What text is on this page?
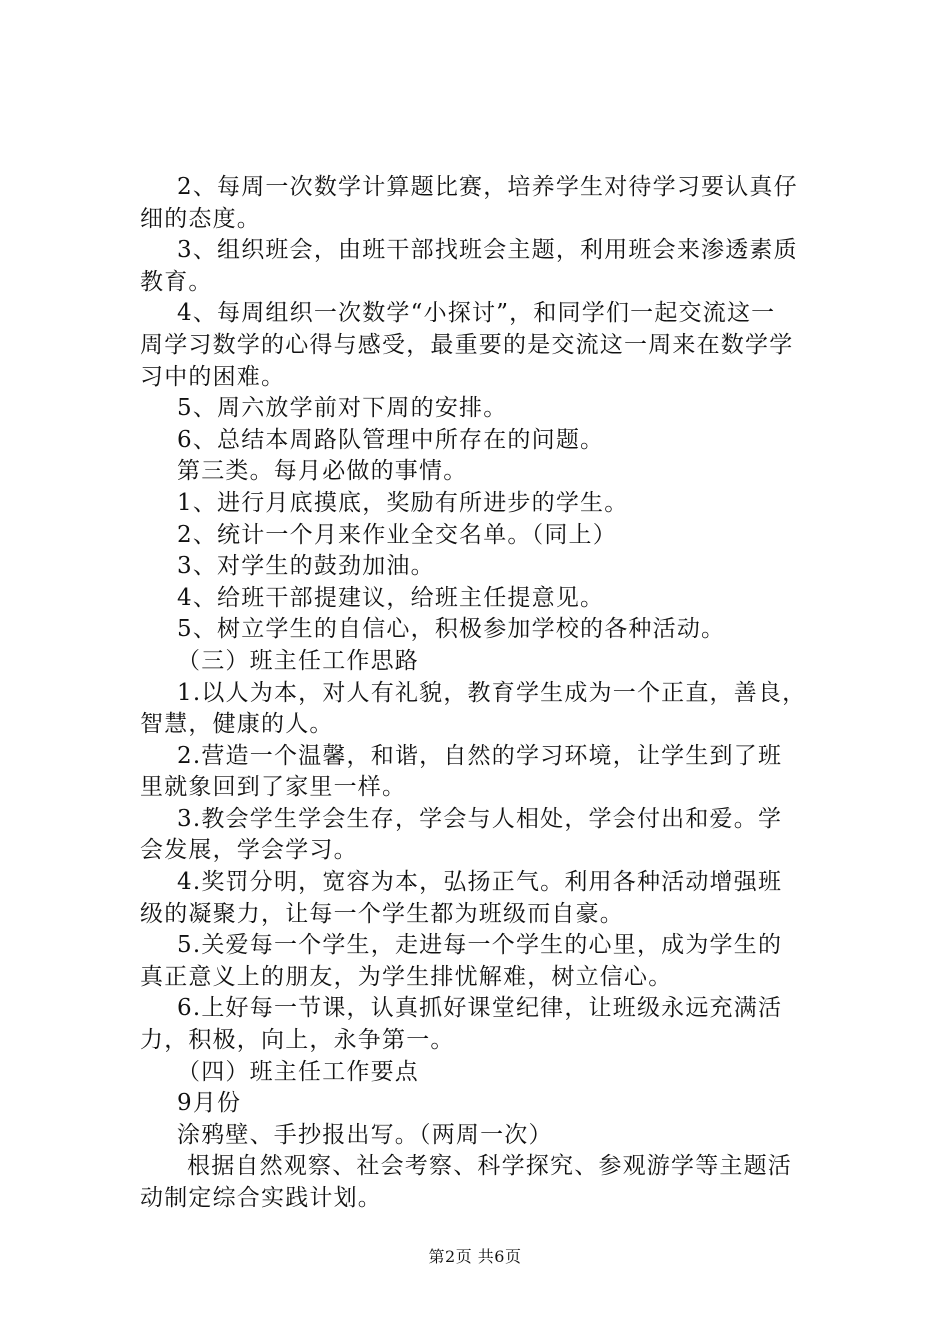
2、每周一次数学计算题比赛，培养学生对待学习要认真仔
细的态度。
3、组织班会，由班干部找班会主题，利用班会来渗透素质
教育。
4、每周组织一次数学“小探讨”，和同学们一起交流这一
周学习数学的心得与感受，最重要的是交流这一周来在数学学
习中的困难。
5、周六放学前对下周的安排。
6、总结本周路队管理中所存在的问题。
第三类。每月必做的事情。
1、进行月底摸底，奖励有所进步的学生。
2、统计一个月来作业全交名单。（同上）
3、对学生的鼓劲加油。
4、给班干部提建议，给班主任提意见。
5、树立学生的自信心，积极参加学校的各种活动。
（三）班主任工作思路
1.以人为本，对人有礼貌，教育学生成为一个正直，善良，
智慧，健康的人。
2.营造一个温馨，和谐，自然的学习环境，让学生到了班
里就象回到了家里一样。
3.教会学生学会生存，学会与人相处，学会付出和爱。学
会发展，学会学习。
4.奖罚分明，宽容为本，弘扬正气。利用各种活动增强班
级的凝聚力，让每一个学生都为班级而自豪。
5.关爱每一个学生，走进每一个学生的心里，成为学生的
真正意义上的朋友，为学生排忧解难，树立信心。
6.上好每一节课，认真抓好课堂纪律，让班级永远充满活
力，积极，向上，永争第一。
（四）班主任工作要点
9月份
涂鸦壁、手抄报出写。（两周一次）
根据自然观察、社会考察、科学探究、参观游学等主题活
动制定综合实践计划。
第2页 共6页
